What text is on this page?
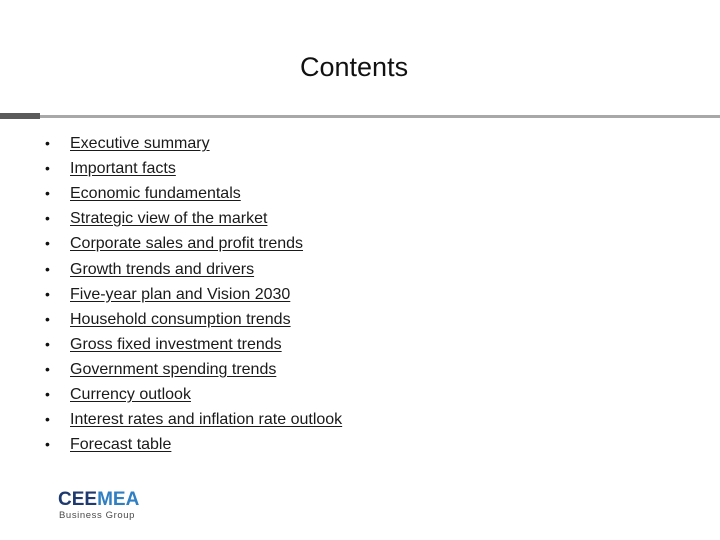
Contents
•	Executive summary
•	Important facts
•	Economic fundamentals
•	Strategic view of the market
•	Corporate sales and profit trends
•	Growth trends and drivers
•	Five-year plan and Vision 2030
•	Household consumption trends
•	Gross fixed investment trends
•	Government spending trends
•	Currency outlook
•	Interest rates and inflation rate outlook
•	Forecast table
CEEMEA
Business Group
